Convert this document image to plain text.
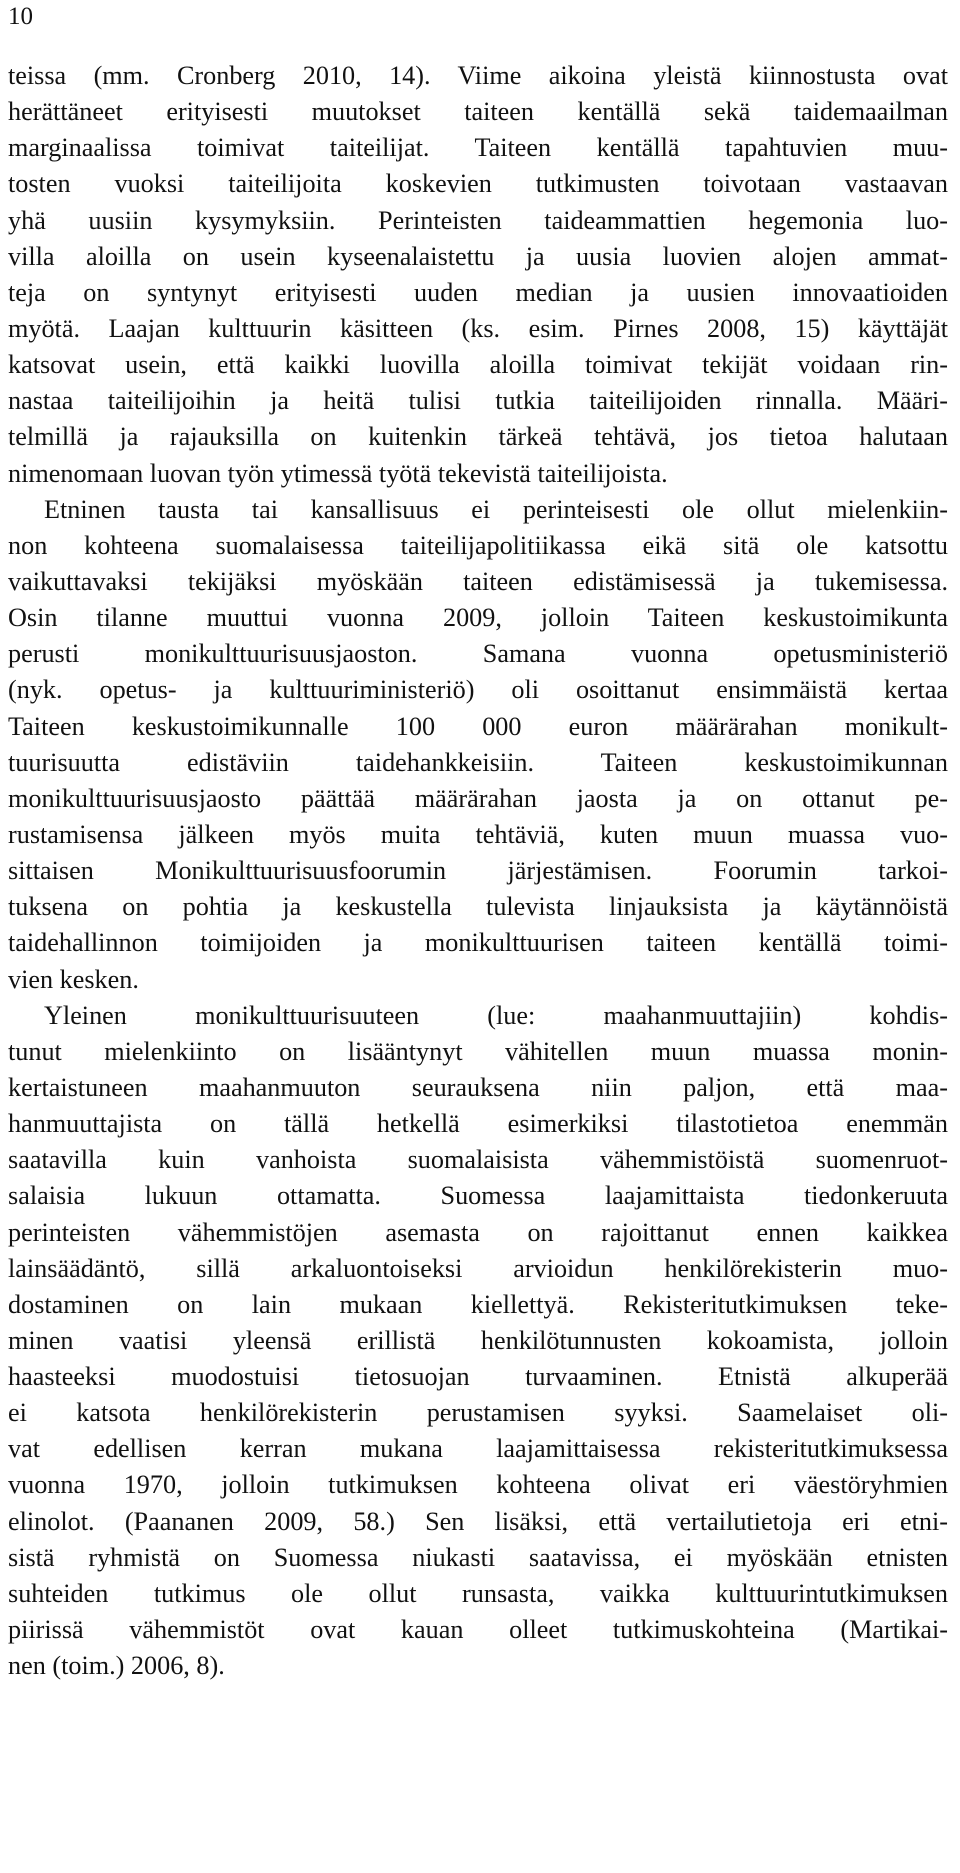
10
teissa (mm. Cronberg 2010, 14). Viime aikoina yleistä kiinnostusta ovat
herättäneet erityisesti muutokset taiteen kentällä sekä taidemaailman
marginaalissa toimivat taiteilijat. Taiteen kentällä tapahtuvien muu-
tosten vuoksi taiteilijoita koskevien tutkimusten toivotaan vastaavan
yhä uusiin kysymyksiin. Perinteisten taideammattien hegemonia luo-
villa aloilla on usein kyseenalaistettu ja uusia luovien alojen ammat-
teja on syntynyt erityisesti uuden median ja uusien innovaatioiden
myötä. Laajan kulttuurin käsitteen (ks. esim. Pirnes 2008, 15) käyttäjät
katsovat usein, että kaikki luovilla aloilla toimivat tekijät voidaan rin-
nastaa taiteilijoihin ja heitä tulisi tutkia taiteilijoiden rinnalla. Määri-
telmillä ja rajauksilla on kuitenkin tärkeä tehtävä, jos tietoa halutaan
nimenomaan luovan työn ytimessä työtä tekevistä taiteilijoista.
Etninen tausta tai kansallisuus ei perinteisesti ole ollut mielenkiin-
non kohteena suomalaisessa taiteilijapolitiikassa eikä sitä ole katsottu
vaikuttavaksi tekijäksi myöskään taiteen edistämisessä ja tukemisessa.
Osin tilanne muuttui vuonna 2009, jolloin Taiteen keskustoimikunta
perusti monikulttuurisuusjaoston. Samana vuonna opetusministeriö
(nyk. opetus- ja kulttuuriministeriö) oli osoittanut ensimmäistä kertaa
Taiteen keskustoimikunnalle 100 000 euron määrärahan monikult-
tuurisuutta edistäviin taidehankkeisiin. Taiteen keskustoimikunnan
monikulttuurisuusjaosto päättää määrärahan jaosta ja on ottanut pe-
rustamisensa jälkeen myös muita tehtäviä, kuten muun muassa vuo-
sittaisen Monikulttuurisuusfoorumin järjestämisen. Foorumin tarkoi-
tuksena on pohtia ja keskustella tulevista linjauksista ja käytännöistä
taidehallinnon toimijoiden ja monikulttuurisen taiteen kentällä toimi-
vien kesken.
Yleinen monikulttuurisuuteen (lue: maahanmuuttajiin) kohdis-
tunut mielenkiinto on lisääntynyt vähitellen muun muassa monin-
kertaistuneen maahanmuuton seurauksena niin paljon, että maa-
hanmuuttajista on tällä hetkellä esimerkiksi tilastotietoa enemmän
saatavilla kuin vanhoista suomalaisista vähemmistöistä suomenruot-
salaisia lukuun ottamatta. Suomessa laajamittaista tiedonkeruuta
perinteisten vähemmistöjen asemasta on rajoittanut ennen kaikkea
lainsäädäntö, sillä arkaluontoiseksi arvioidun henkilörekisterin muo-
dostaminen on lain mukaan kiellettyä. Rekisteritutkimuksen teke-
minen vaatisi yleensä erillistä henkilötunnusten kokoamista, jolloin
haasteeksi muodostuisi tietosuojan turvaaminen. Etnistä alkuperää
ei katsota henkilörekisterin perustamisen syyksi. Saamelaiset oli-
vat edellisen kerran mukana laajamittaisessa rekisteritutkimuksessa
vuonna 1970, jolloin tutkimuksen kohteena olivat eri väestöryhmien
elinolot. (Paananen 2009, 58.) Sen lisäksi, että vertailutietoja eri etni-
sistä ryhmistä on Suomessa niukasti saatavissa, ei myöskään etnisten
suhteiden tutkimus ole ollut runsasta, vaikka kulttuurintutkimuksen
piirissä vähemmistöt ovat kauan olleet tutkimuskohteina (Martikai-
nen (toim.) 2006, 8).
